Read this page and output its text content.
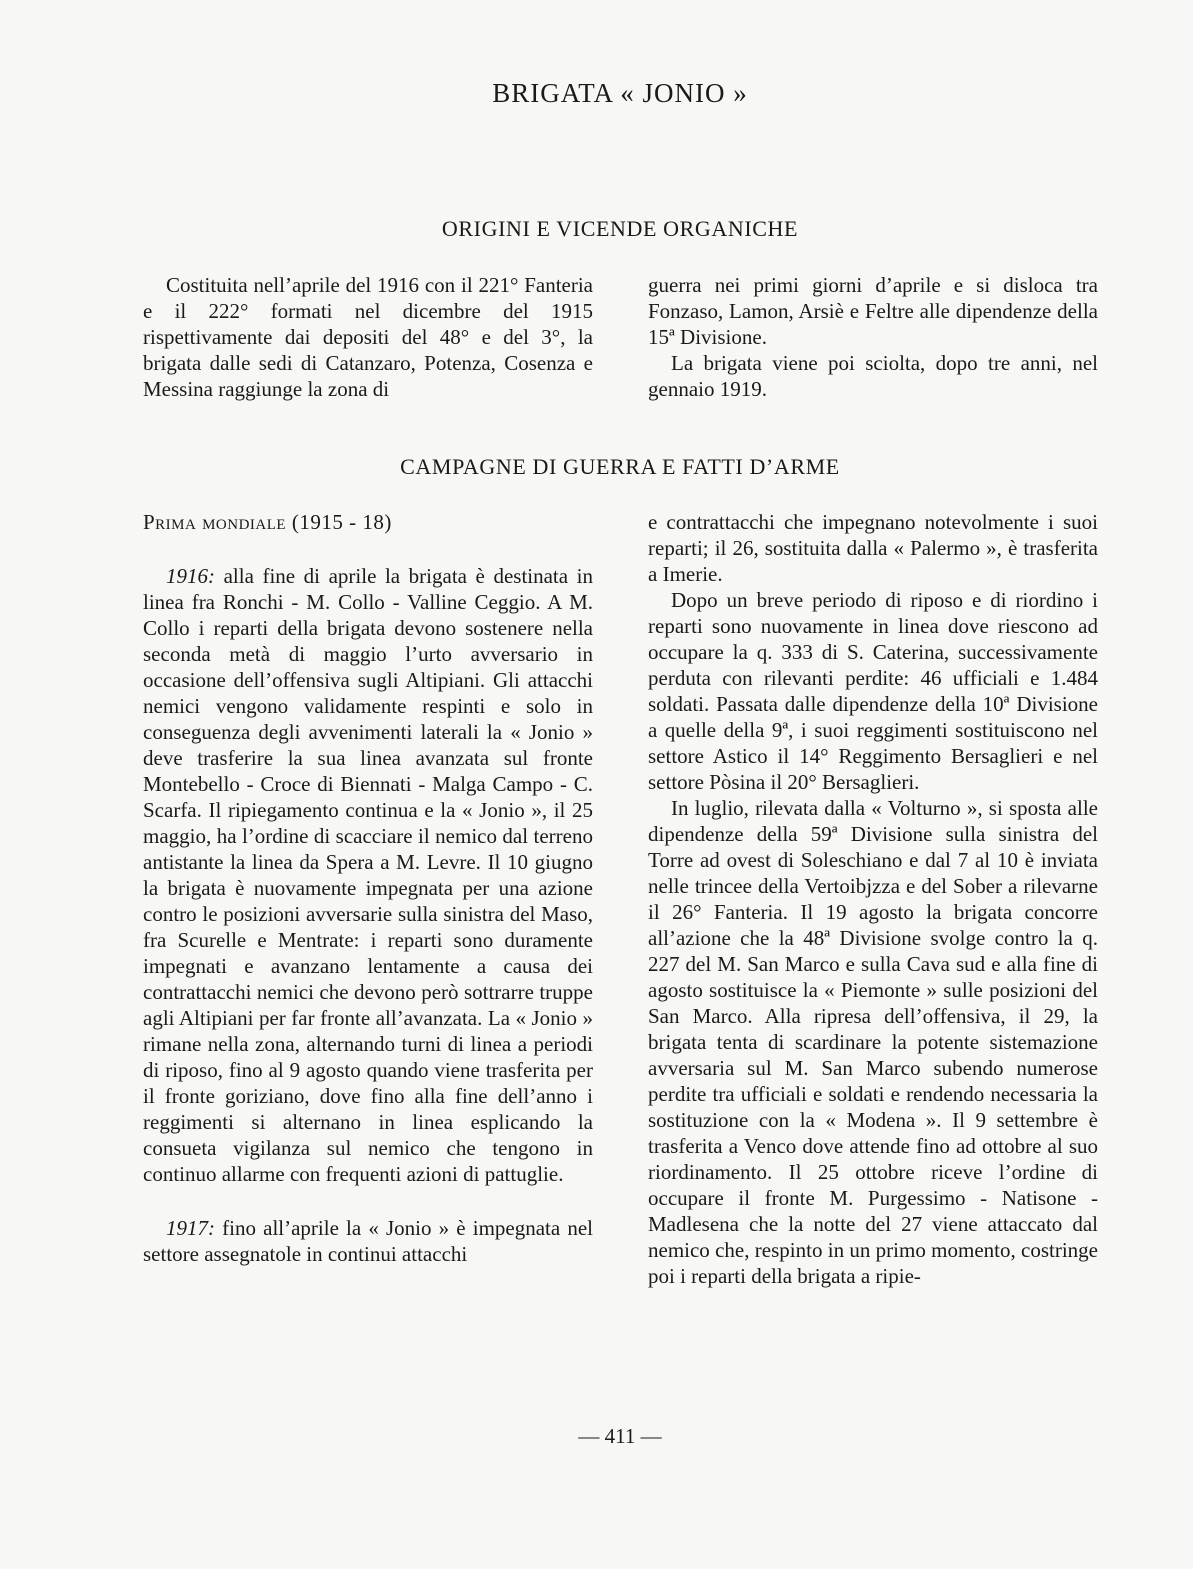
BRIGATA « JONIO »
ORIGINI E VICENDE ORGANICHE

Costituita nell’aprile del 1916 con il 221° Fanteria e il 222° formati nel dicembre del 1915 rispettivamente dai depositi del 48° e del 3°, la brigata dalle sedi di Catanzaro, Potenza, Cosenza e Messina raggiunge la zona di

guerra nei primi giorni d’aprile e si disloca tra Fonzaso, Lamon, Arsiè e Feltre alle dipendenze della 15ª Divisione.

La brigata viene poi sciolta, dopo tre anni, nel gennaio 1919.

CAMPAGNE DI GUERRA E FATTI D’ARME

Prima mondiale (1915 - 18)

1916: alla fine di aprile la brigata è destinata in linea fra Ronchi - M. Collo - Valline Ceggio. A M. Collo i reparti della brigata devono sostenere nella seconda metà di maggio l’urto avversario in occasione dell’offensiva sugli Altipiani. Gli attacchi nemici vengono validamente respinti e solo in conseguenza degli avvenimenti laterali la « Jonio » deve trasferire la sua linea avanzata sul fronte Montebello - Croce di Biennati - Malga Campo - C. Scarfa. Il ripiegamento continua e la « Jonio », il 25 maggio, ha l’ordine di scacciare il nemico dal terreno antistante la linea da Spera a M. Levre. Il 10 giugno la brigata è nuovamente impegnata per una azione contro le posizioni avversarie sulla sinistra del Maso, fra Scurelle e Mentrate: i reparti sono duramente impegnati e avanzano lentamente a causa dei contrattacchi nemici che devono però sottrarre truppe agli Altipiani per far fronte all’avanzata. La « Jonio » rimane nella zona, alternando turni di linea a periodi di riposo, fino al 9 agosto quando viene trasferita per il fronte goriziano, dove fino alla fine dell’anno i reggimenti si alternano in linea esplicando la consueta vigilanza sul nemico che tengono in continuo allarme con frequenti azioni di pattuglie.

1917: fino all’aprile la « Jonio » è impegnata nel settore assegnatole in continui attacchi

e contrattacchi che impegnano notevolmente i suoi reparti; il 26, sostituita dalla « Palermo », è trasferita a Imerie.

Dopo un breve periodo di riposo e di riordino i reparti sono nuovamente in linea dove riescono ad occupare la q. 333 di S. Caterina, successivamente perduta con rilevanti perdite: 46 ufficiali e 1.484 soldati. Passata dalle dipendenze della 10ª Divisione a quelle della 9ª, i suoi reggimenti sostituiscono nel settore Astico il 14° Reggimento Bersaglieri e nel settore Pòsina il 20° Bersaglieri.

In luglio, rilevata dalla « Volturno », si sposta alle dipendenze della 59ª Divisione sulla sinistra del Torre ad ovest di Soleschiano e dal 7 al 10 è inviata nelle trincee della Vertoibjzza e del Sober a rilevarne il 26° Fanteria. Il 19 agosto la brigata concorre all’azione che la 48ª Divisione svolge contro la q. 227 del M. San Marco e sulla Cava sud e alla fine di agosto sostituisce la « Piemonte » sulle posizioni del San Marco. Alla ripresa dell’offensiva, il 29, la brigata tenta di scardinare la potente sistemazione avversaria sul M. San Marco subendo numerose perdite tra ufficiali e soldati e rendendo necessaria la sostituzione con la « Modena ». Il 9 settembre è trasferita a Venco dove attende fino ad ottobre al suo riordinamento. Il 25 ottobre riceve l’ordine di occupare il fronte M. Purgessimo - Natisone - Madlesena che la notte del 27 viene attaccato dal nemico che, respinto in un primo momento, costringe poi i reparti della brigata a ripie-

— 411 —
